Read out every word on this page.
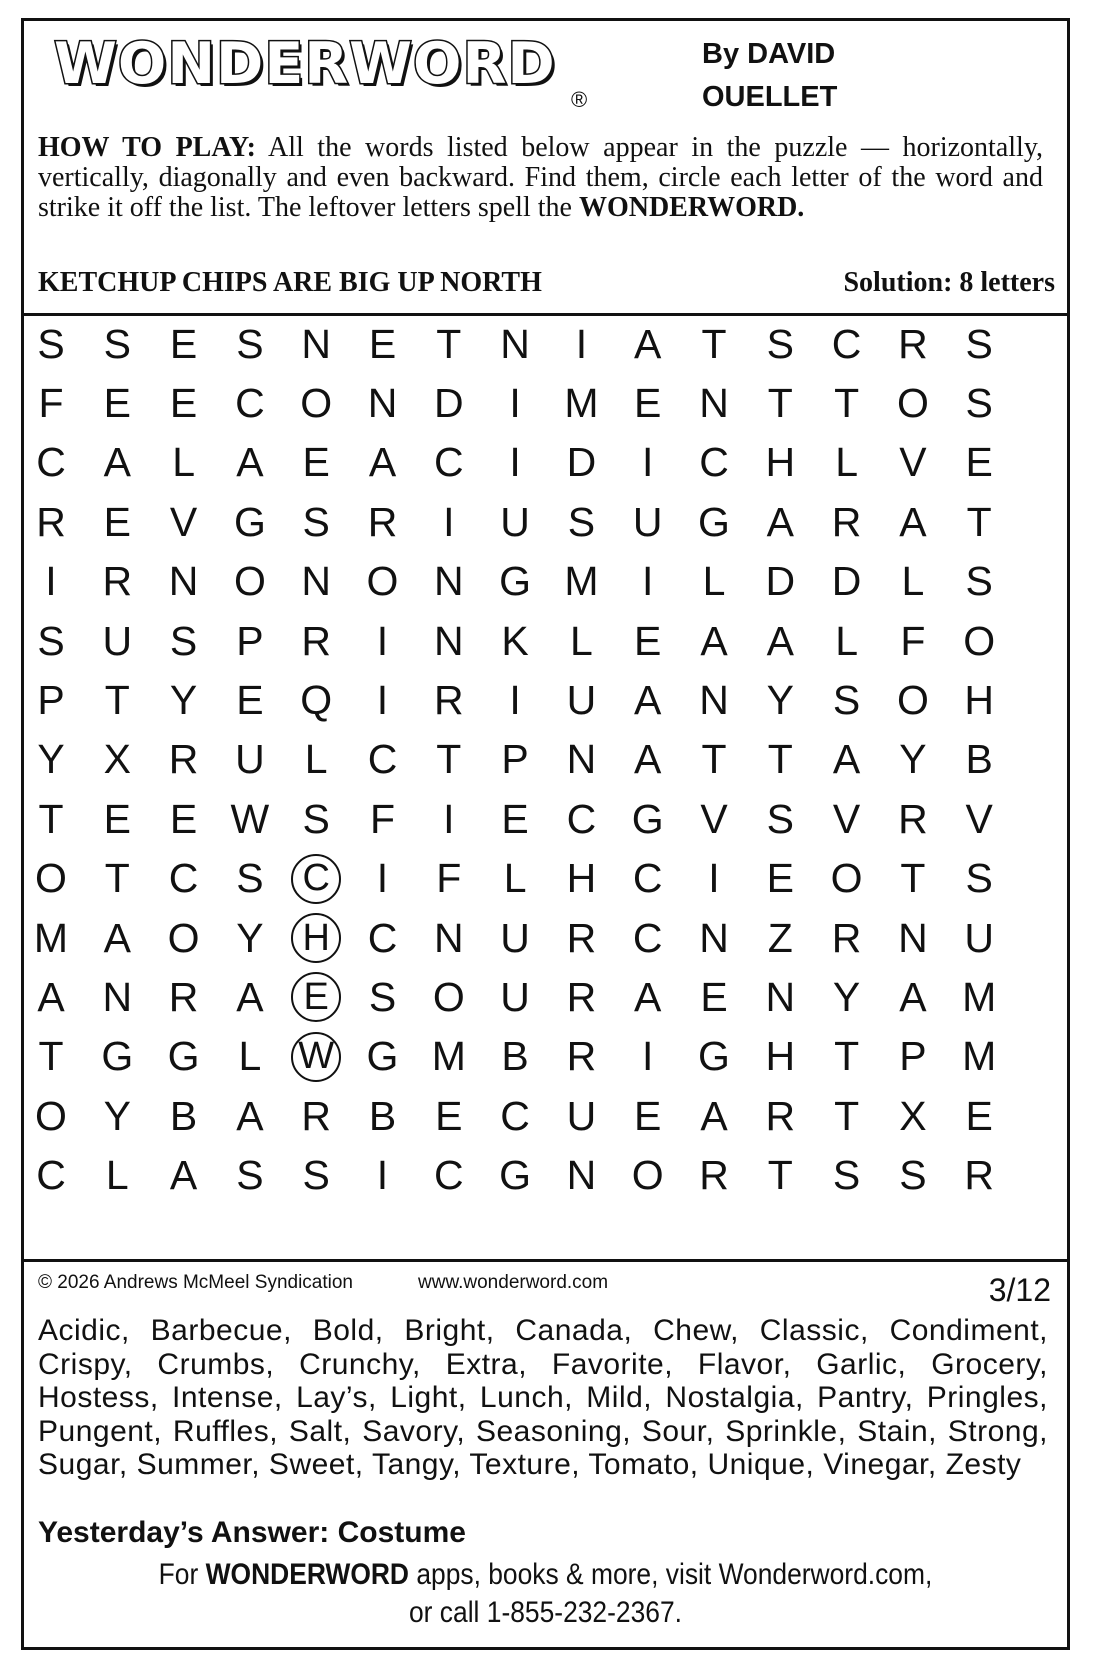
WONDERWORD
®
By DAVID
OUELLET
HOW TO PLAY: All the words listed below appear in the puzzle — horizontally, vertically, diagonally and even backward. Find them, circle each letter of the word and strike it off the list. The leftover letters spell the WONDERWORD.
KETCHUP CHIPS ARE BIG UP NORTH	Solution: 8 letters
S S E S N E T N	I	A T S C R S
F E E C O N D	I	M E N T	T O S
C A	L	A E A C	I	D	I	C H L	V E
R E V G S R	I	U S U G A R A T
I	R N O N O N G M	I	L D D L	S
S U S P R	I	N K	L	E A A	L	F O
P T Y E Q	I	R	I	U A N Y S O H
Y X R U L C T P N A T	T A Y B
T E E W S F	I	E C G V S V R V
O T C S	C	I	F	L H C	I	E O T S
M A O Y	H C N U R C N Z R N U
A N R A	E S O U R A E N Y A M
T G G L W G M B R	I	G H T P M
O Y B A R B E C U E A R T X E
C L	A S S	I	C G N O R T S S R
© 2026 Andrews McMeel Syndication	www.wonderword.com	3/12
Acidic, Barbecue, Bold, Bright, Canada, Chew, Classic, Condiment, Crispy, Crumbs, Crunchy, Extra, Favorite, Flavor, Garlic, Grocery, Hostess, Intense, Lay’s, Light, Lunch, Mild, Nostalgia, Pantry, Pringles, Pungent, Ruffles, Salt, Savory, Seasoning, Sour, Sprinkle, Stain, Strong, Sugar, Summer, Sweet, Tangy, Texture, Tomato, Unique, Vinegar, Zesty
Yesterday’s Answer: Costume
For WONDERWORD apps, books & more, visit Wonderword.com,
or call 1-855-232-2367.
